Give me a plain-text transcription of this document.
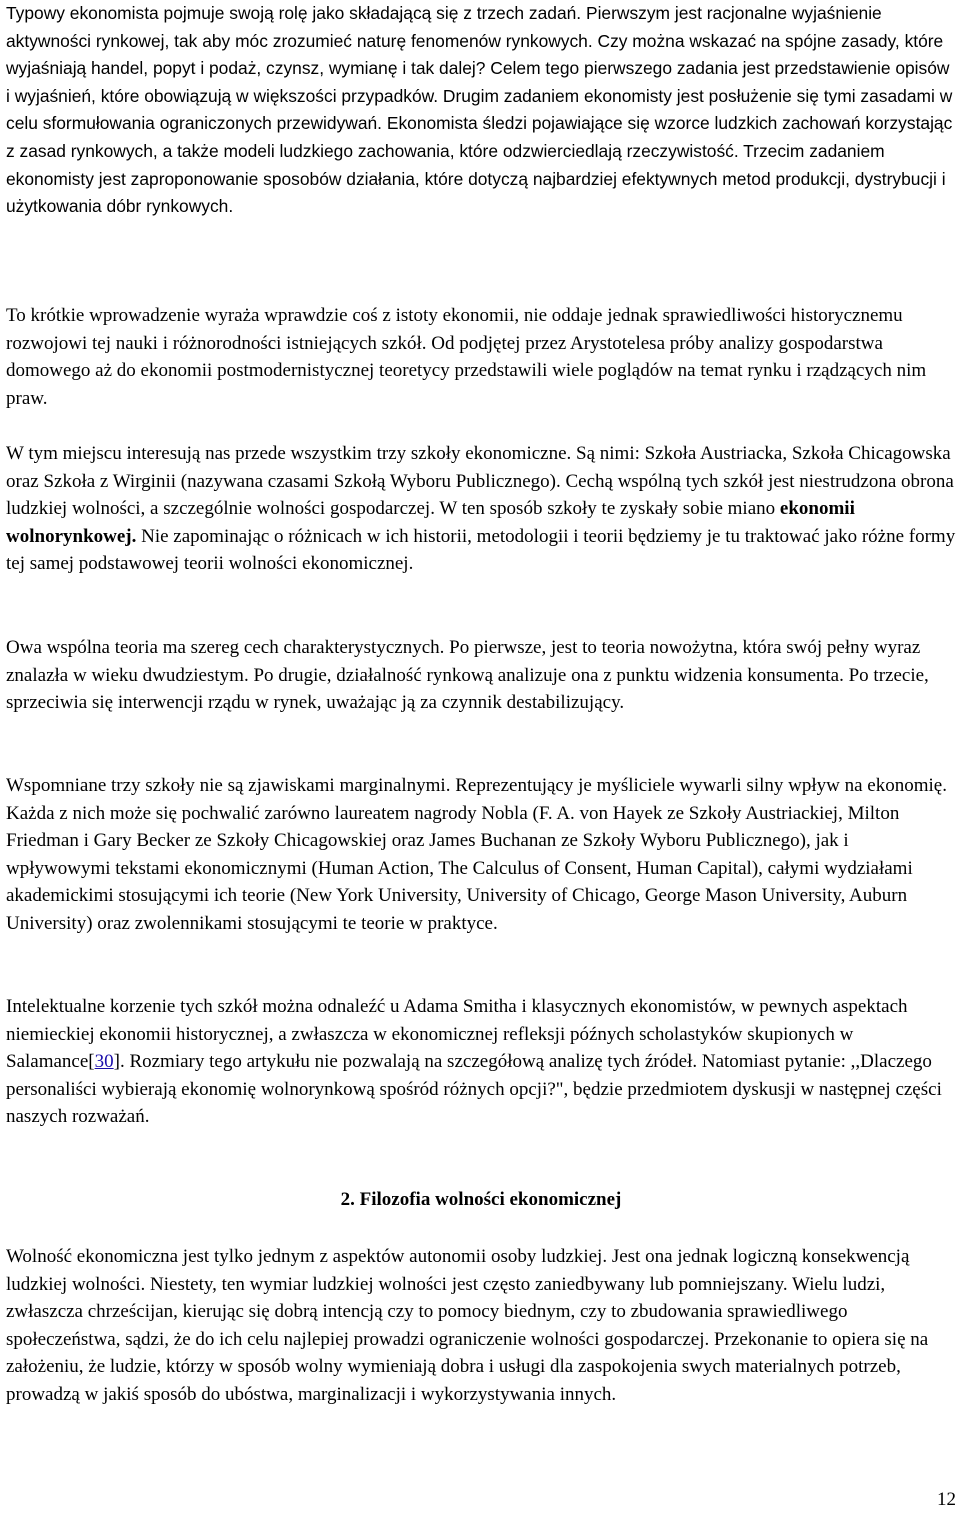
Typowy ekonomista pojmuje swoją rolę jako składającą się z trzech zadań. Pierwszym jest racjonalne wyjaśnienie aktywności rynkowej, tak aby móc zrozumieć naturę fenomenów rynkowych. Czy można wskazać na spójne zasady, które wyjaśniają handel, popyt i podaż, czynsz, wymianę i tak dalej? Celem tego pierwszego zadania jest przedstawienie opisów i wyjaśnień, które obowiązują w większości przypadków. Drugim zadaniem ekonomisty jest posłużenie się tymi zasadami w celu sformułowania ograniczonych przewidywań. Ekonomista śledzi pojawiające się wzorce ludzkich zachowań korzystając z zasad rynkowych, a także modeli ludzkiego zachowania, które odzwierciedlają rzeczywistość. Trzecim zadaniem ekonomisty jest zaproponowanie sposobów działania, które dotyczą najbardziej efektywnych metod produkcji, dystrybucji i użytkowania dóbr rynkowych.

To krótkie wprowadzenie wyraża wprawdzie coś z istoty ekonomii, nie oddaje jednak sprawiedliwości historycznemu rozwojowi tej nauki i różnorodności istniejących szkół. Od podjętej przez Arystotelesa próby analizy gospodarstwa domowego aż do ekonomii postmodernistycznej teoretycy przedstawili wiele poglądów na temat rynku i rządzących nim praw.

W tym miejscu interesują nas przede wszystkim trzy szkoły ekonomiczne. Są nimi: Szkoła Austriacka, Szkoła Chicagowska oraz Szkoła z Wirginii (nazywana czasami Szkołą Wyboru Publicznego). Cechą wspólną tych szkół jest niestrudzona obrona ludzkiej wolności, a szczególnie wolności gospodarczej. W ten sposób szkoły te zyskały sobie miano ekonomii wolnorynkowej. Nie zapominając o różnicach w ich historii, metodologii i teorii będziemy je tu traktować jako różne formy tej samej podstawowej teorii wolności ekonomicznej.

Owa wspólna teoria ma szereg cech charakterystycznych. Po pierwsze, jest to teoria nowożytna, która swój pełny wyraz znalazła w wieku dwudziestym. Po drugie, działalność rynkową analizuje ona z punktu widzenia konsumenta. Po trzecie, sprzeciwia się interwencji rządu w rynek, uważając ją za czynnik destabilizujący.

Wspomniane trzy szkoły nie są zjawiskami marginalnymi. Reprezentujący je myśliciele wywarli silny wpływ na ekonomię. Każda z nich może się pochwalić zarówno laureatem nagrody Nobla (F. A. von Hayek ze Szkoły Austriackiej, Milton Friedman i Gary Becker ze Szkoły Chicagowskiej oraz James Buchanan ze Szkoły Wyboru Publicznego), jak i wpływowymi tekstami ekonomicznymi (Human Action, The Calculus of Consent, Human Capital), całymi wydziałami akademickimi stosującymi ich teorie (New York University, University of Chicago, George Mason University, Auburn University) oraz zwolennikami stosującymi te teorie w praktyce.

Intelektualne korzenie tych szkół można odnaleźć u Adama Smitha i klasycznych ekonomistów, w pewnych aspektach niemieckiej ekonomii historycznej, a zwłaszcza w ekonomicznej refleksji późnych scholastyków skupionych w Salamance[30]. Rozmiary tego artykułu nie pozwalają na szczegółową analizę tych źródeł. Natomiast pytanie: ,,Dlaczego personaliści wybierają ekonomię wolnorynkową spośród różnych opcji?", będzie przedmiotem dyskusji w następnej części naszych rozważań.

2. Filozofia wolności ekonomicznej

Wolność ekonomiczna jest tylko jednym z aspektów autonomii osoby ludzkiej. Jest ona jednak logiczną konsekwencją ludzkiej wolności. Niestety, ten wymiar ludzkiej wolności jest często zaniedbywany lub pomniejszany. Wielu ludzi, zwłaszcza chrześcijan, kierując się dobrą intencją czy to pomocy biednym, czy to zbudowania sprawiedliwego społeczeństwa, sądzi, że do ich celu najlepiej prowadzi ograniczenie wolności gospodarczej. Przekonanie to opiera się na założeniu, że ludzie, którzy w sposób wolny wymieniają dobra i usługi dla zaspokojenia swych materialnych potrzeb, prowadzą w jakiś sposób do ubóstwa, marginalizacji i wykorzystywania innych.

12
